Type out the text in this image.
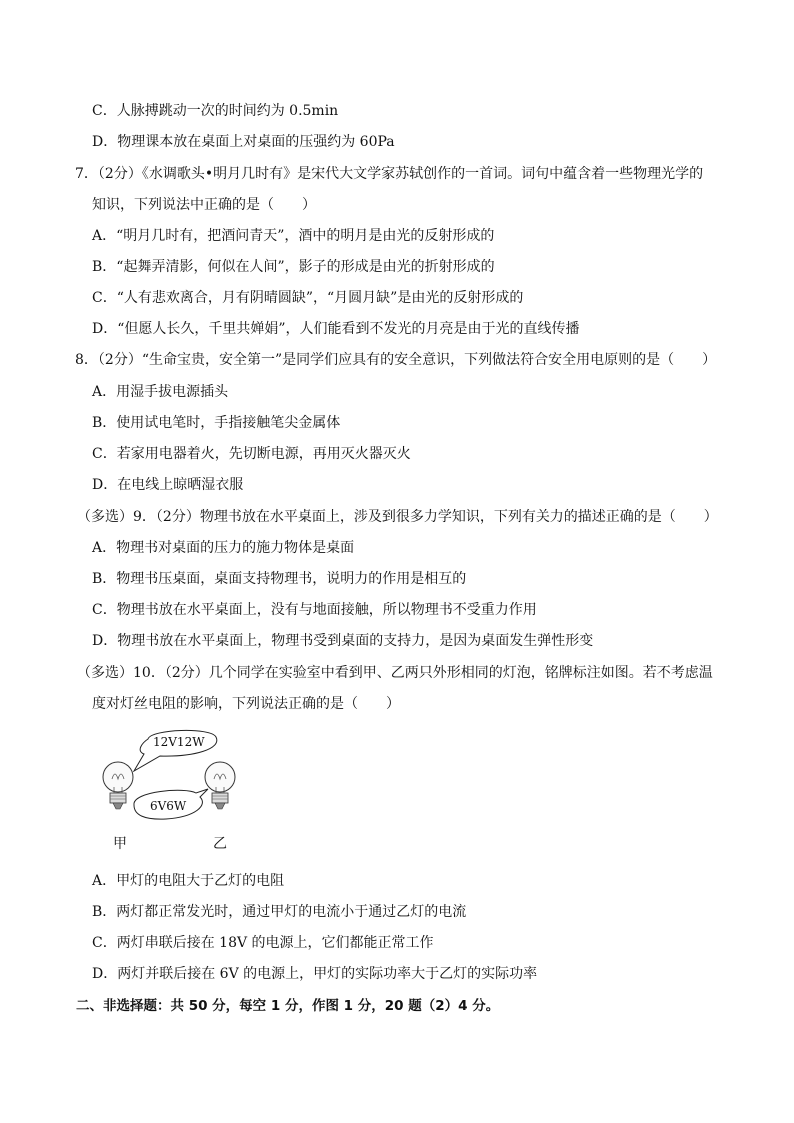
C．人脉搏跳动一次的时间约为 0.5min
D．物理课本放在桌面上对桌面的压强约为 60Pa
7．（2分）《水调歌头•明月几时有》是宋代大文学家苏轼创作的一首词。词句中蕴含着一些物理光学的
知识，下列说法中正确的是（　　）
A．“明月几时有，把酒问青天”，酒中的明月是由光的反射形成的
B．“起舞弄清影，何似在人间”，影子的形成是由光的折射形成的
C．“人有悲欢离合，月有阴晴圆缺”，“月圆月缺”是由光的反射形成的
D．“但愿人长久，千里共婵娟”，人们能看到不发光的月亮是由于光的直线传播
8．（2分）“生命宝贵，安全第一”是同学们应具有的安全意识，下列做法符合安全用电原则的是（　　）
A．用湿手拔电源插头
B．使用试电笔时，手指接触笔尖金属体
C．若家用电器着火，先切断电源，再用灭火器灭火
D．在电线上晾晒湿衣服
（多选）9．（2分）物理书放在水平桌面上，涉及到很多力学知识，下列有关力的描述正确的是（　　）
A．物理书对桌面的压力的施力物体是桌面
B．物理书压桌面，桌面支持物理书，说明力的作用是相互的
C．物理书放在水平桌面上，没有与地面接触，所以物理书不受重力作用
D．物理书放在水平桌面上，物理书受到桌面的支持力，是因为桌面发生弹性形变
（多选）10．（2分）几个同学在实验室中看到甲、乙两只外形相同的灯泡，铭牌标注如图。若不考虑温
度对灯丝电阻的影响，下列说法正确的是（　　）
12V12W
6V6W
甲	乙
A．甲灯的电阻大于乙灯的电阻
B．两灯都正常发光时，通过甲灯的电流小于通过乙灯的电流
C．两灯串联后接在 18V 的电源上，它们都能正常工作
D．两灯并联后接在 6V 的电源上，甲灯的实际功率大于乙灯的实际功率
二、非选择题：共 50 分，每空 1 分，作图 1 分，20 题（2）4 分。
